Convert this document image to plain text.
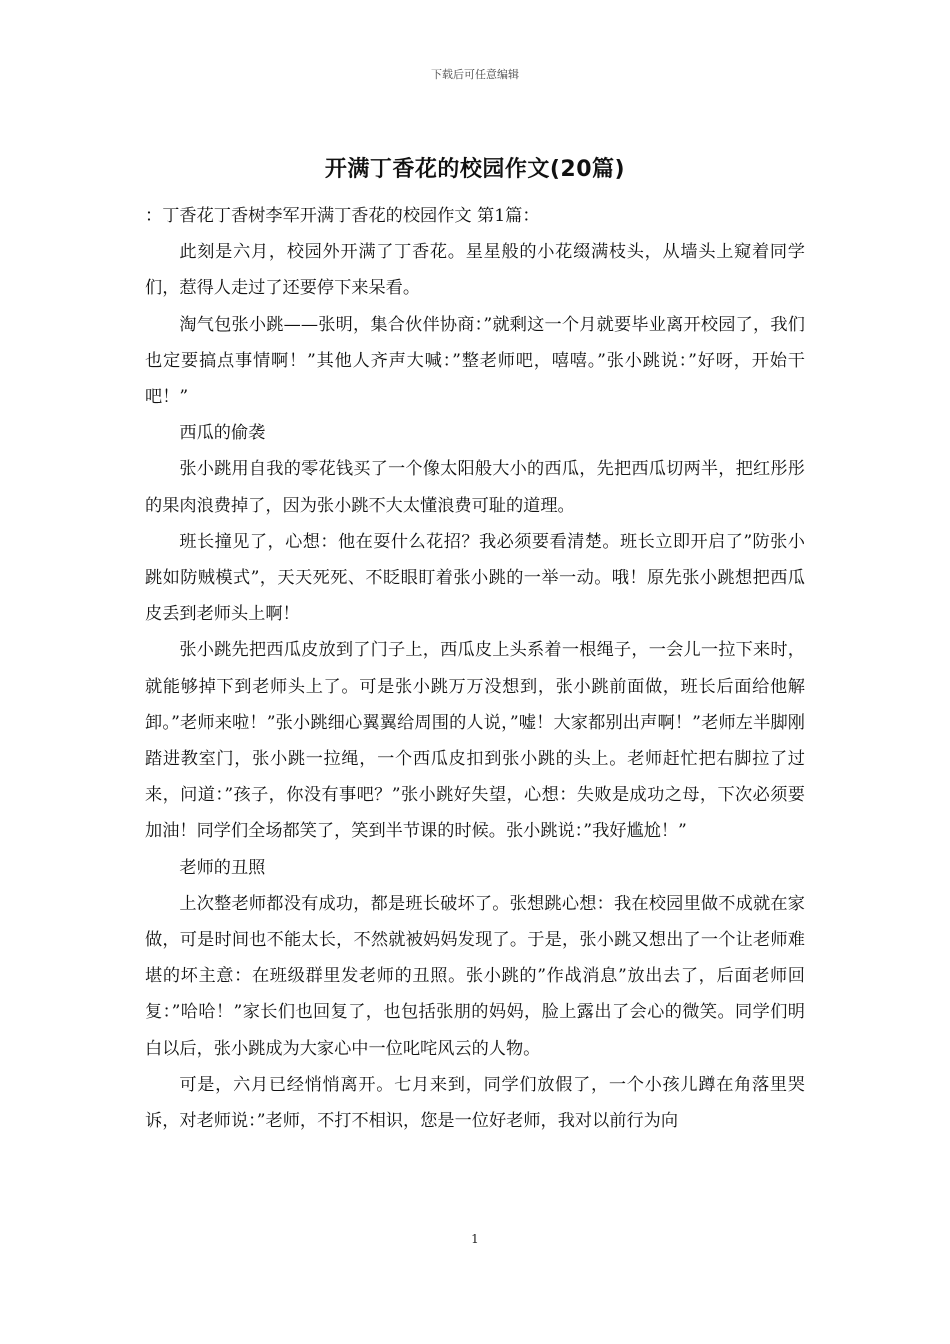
下载后可任意编辑
开满丁香花的校园作文(20篇)

：丁香花丁香树李军开满丁香花的校园作文 第1篇：

此刻是六月，校园外开满了丁香花。星星般的小花缀满枝头，从墙头上窥着同学们，惹得人走过了还要停下来呆看。

淘气包张小跳——张明，集合伙伴协商：”就剩这一个月就要毕业离开校园了，我们也定要搞点事情啊！”其他人齐声大喊：”整老师吧，嘻嘻。”张小跳说：”好呀，开始干吧！”

西瓜的偷袭

张小跳用自我的零花钱买了一个像太阳般大小的西瓜，先把西瓜切两半，把红彤彤的果肉浪费掉了，因为张小跳不大太懂浪费可耻的道理。

班长撞见了，心想：他在耍什么花招？我必须要看清楚。班长立即开启了”防张小跳如防贼模式”，天天死死、不眨眼盯着张小跳的一举一动。哦！原先张小跳想把西瓜皮丢到老师头上啊！

张小跳先把西瓜皮放到了门子上，西瓜皮上头系着一根绳子，一会儿一拉下来时，就能够掉下到老师头上了。可是张小跳万万没想到，张小跳前面做，班长后面给他解卸。”老师来啦！”张小跳细心翼翼给周围的人说，”嘘！大家都别出声啊！”老师左半脚刚踏进教室门，张小跳一拉绳，一个西瓜皮扣到张小跳的头上。老师赶忙把右脚拉了过来，问道：”孩子，你没有事吧？”张小跳好失望，心想：失败是成功之母，下次必须要加油！同学们全场都笑了，笑到半节课的时候。张小跳说：”我好尴尬！”

老师的丑照

上次整老师都没有成功，都是班长破坏了。张想跳心想：我在校园里做不成就在家做，可是时间也不能太长，不然就被妈妈发现了。于是，张小跳又想出了一个让老师难堪的坏主意：在班级群里发老师的丑照。张小跳的”作战消息”放出去了，后面老师回复：”哈哈！”家长们也回复了，也包括张朋的妈妈，脸上露出了会心的微笑。同学们明白以后，张小跳成为大家心中一位叱咤风云的人物。

可是，六月已经悄悄离开。七月来到，同学们放假了，一个小孩儿蹲在角落里哭诉，对老师说：”老师，不打不相识，您是一位好老师，我对以前行为向

1
